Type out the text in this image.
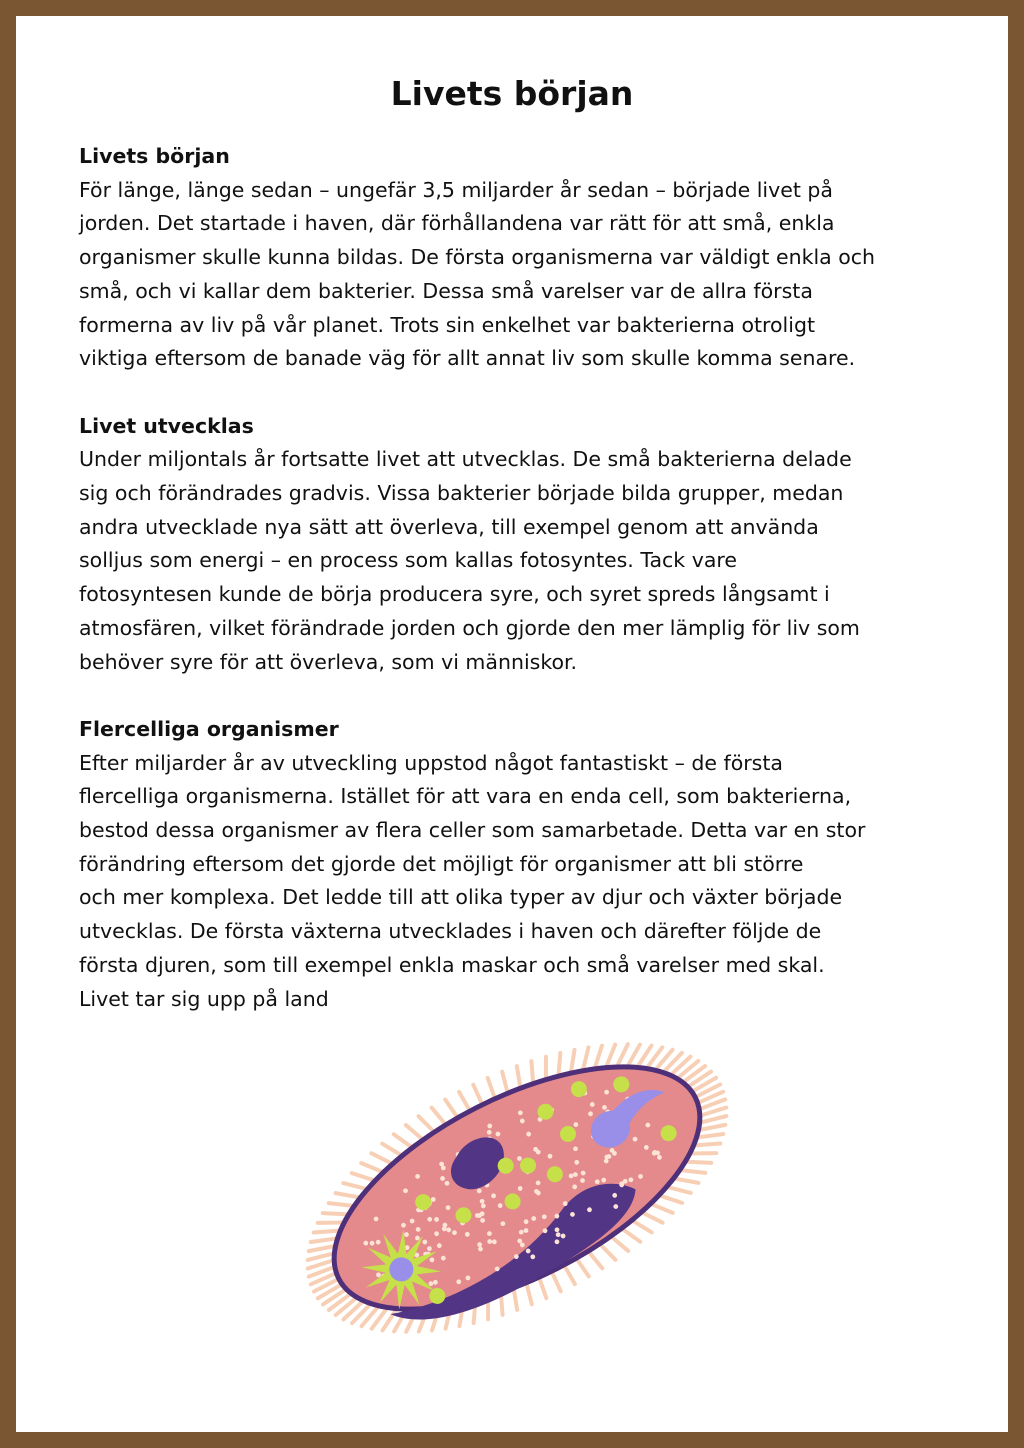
Livets början
Livets början
För länge, länge sedan – ungefär 3,5 miljarder år sedan – började livet på
jorden. Det startade i haven, där förhållandena var rätt för att små, enkla
organismer skulle kunna bildas. De första organismerna var väldigt enkla och
små, och vi kallar dem bakterier. Dessa små varelser var de allra första
formerna av liv på vår planet. Trots sin enkelhet var bakterierna otroligt
viktiga eftersom de banade väg för allt annat liv som skulle komma senare.
Livet utvecklas
Under miljontals år fortsatte livet att utvecklas. De små bakterierna delade
sig och förändrades gradvis. Vissa bakterier började bilda grupper, medan
andra utvecklade nya sätt att överleva, till exempel genom att använda
solljus som energi – en process som kallas fotosyntes. Tack vare
fotosyntesen kunde de börja producera syre, och syret spreds långsamt i
atmosfären, vilket förändrade jorden och gjorde den mer lämplig för liv som
behöver syre för att överleva, som vi människor.
Flercelliga organismer
Efter miljarder år av utveckling uppstod något fantastiskt – de första
flercelliga organismerna. Istället för att vara en enda cell, som bakterierna,
bestod dessa organismer av flera celler som samarbetade. Detta var en stor
förändring eftersom det gjorde det möjligt för organismer att bli större
och mer komplexa. Det ledde till att olika typer av djur och växter började
utvecklas. De första växterna utvecklades i haven och därefter följde de
första djuren, som till exempel enkla maskar och små varelser med skal.
Livet tar sig upp på land
